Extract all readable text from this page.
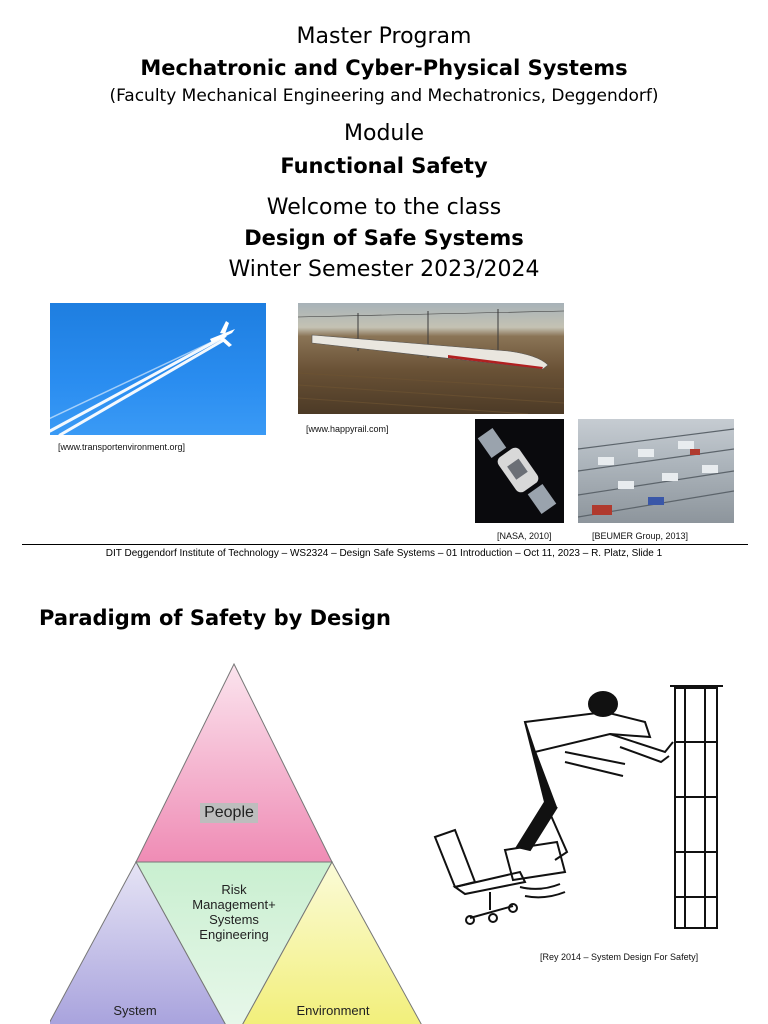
Master Program
Mechatronic and Cyber-Physical Systems
(Faculty Mechanical Engineering and Mechatronics, Deggendorf)
Module
Functional Safety
Welcome to the class
Design of Safe Systems
Winter Semester 2023/2024
[www.transportenvironment.org]
[www.happyrail.com]
[NASA, 2010]	[BEUMER Group, 2013]
DIT Deggendorf Institute of Technology – WS2324 – Design Safe Systems – 01 Introduction – Oct 11, 2023 – R. Platz, Slide 1
Paradigm of Safety by Design
People
Risk
Management+
Systems
Engineering
System	Environment
[Rey 2014 – System Design For Safety]
